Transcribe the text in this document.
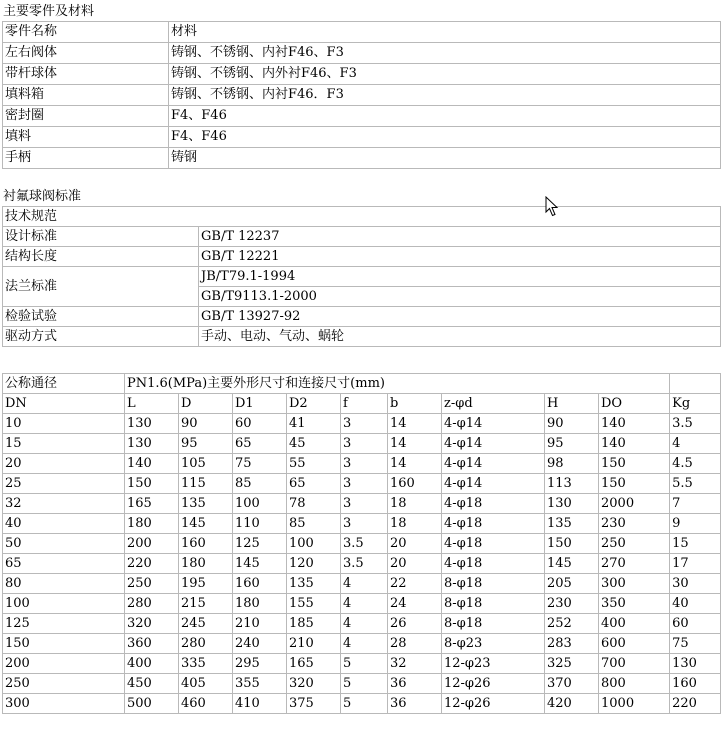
主要零件及材料
零件名称	材料
左右阀体	铸钢、不锈钢、内衬F46、F3
带杆球体	铸钢、不锈钢、内外衬F46、F3
填料箱	铸钢、不锈钢、内衬F46．F3
密封圈	F4、F46
填料	F4、F46
手柄	铸钢
衬氟球阀标准
技术规范	
设计标准	GB/T 12237
结构长度	GB/T 12221
法兰标准	JB/T79.1-1994
	GB/T9113.1-2000
检验试验	GB/T 13927-92
驱动方式	手动、电动、气动、蜗轮
公称通径	PN1.6(MPa)主要外形尺寸和连接尺寸(mm)									
DN	L	D	D1	D2	f	b	z-φd	H	DO	Kg
10	130	90	60	41	3	14	4-φ14	90	140	3.5
15	130	95	65	45	3	14	4-φ14	95	140	4
20	140	105	75	55	3	14	4-φ14	98	150	4.5
25	150	115	85	65	3	160	4-φ14	113	150	5.5
32	165	135	100	78	3	18	4-φ18	130	2000	7
40	180	145	110	85	3	18	4-φ18	135	230	9
50	200	160	125	100	3.5	20	4-φ18	150	250	15
65	220	180	145	120	3.5	20	4-φ18	145	270	17
80	250	195	160	135	4	22	8-φ18	205	300	30
100	280	215	180	155	4	24	8-φ18	230	350	40
125	320	245	210	185	4	26	8-φ18	252	400	60
150	360	280	240	210	4	28	8-φ23	283	600	75
200	400	335	295	165	5	32	12-φ23	325	700	130
250	450	405	355	320	5	36	12-φ26	370	800	160
300	500	460	410	375	5	36	12-φ26	420	1000	220
